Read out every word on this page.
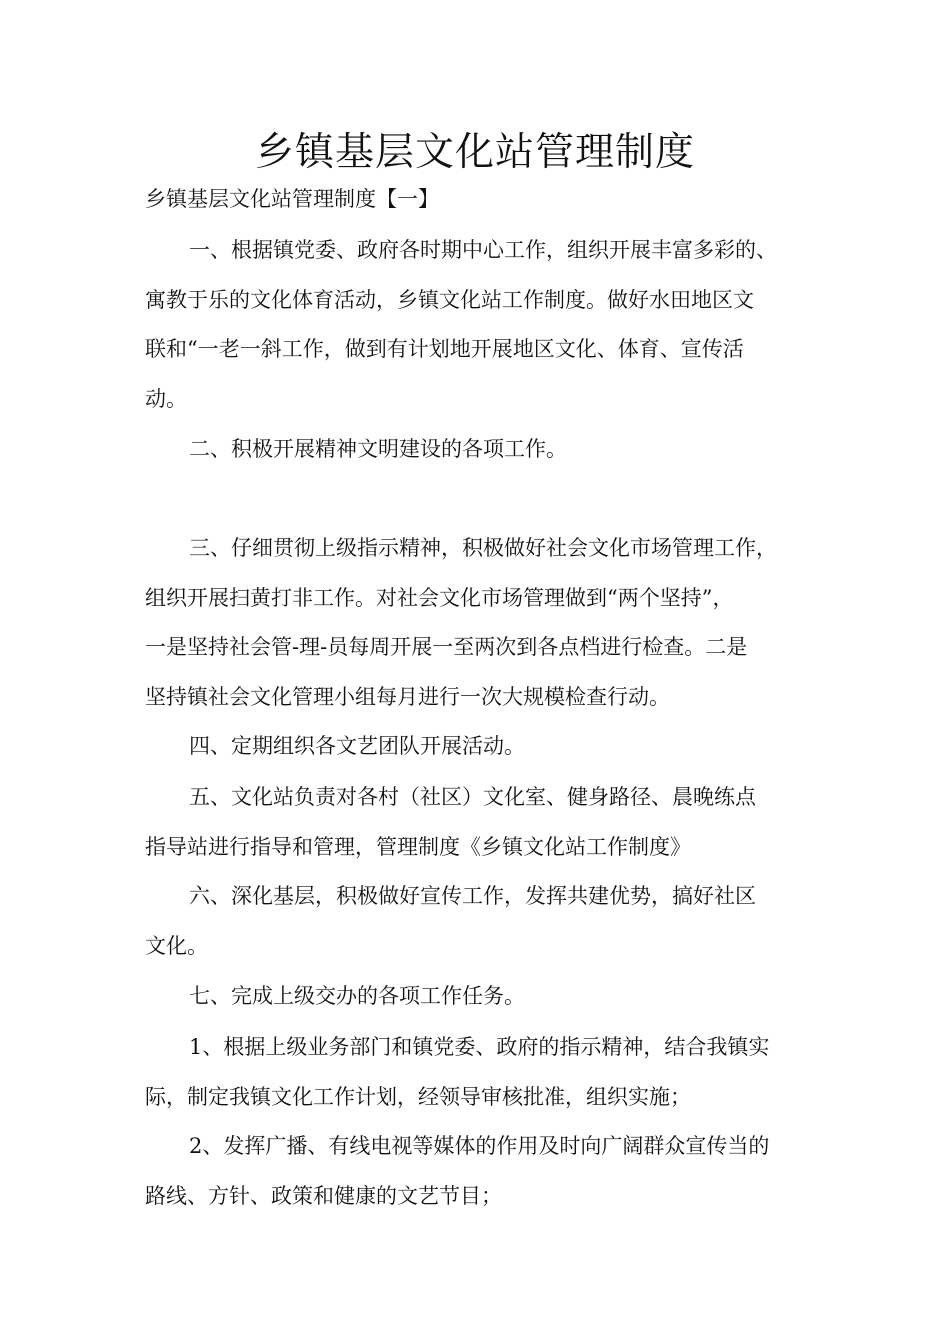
乡镇基层文化站管理制度

乡镇基层文化站管理制度【一】

一、根据镇党委、政府各时期中心工作，组织开展丰富多彩的、
寓教于乐的文化体育活动，乡镇文化站工作制度。做好水田地区文
联和“一老一斜工作，做到有计划地开展地区文化、体育、宣传活
动。

二、积极开展精神文明建设的各项工作。

三、仔细贯彻上级指示精神，积极做好社会文化市场管理工作，
组织开展扫黄打非工作。对社会文化市场管理做到“两个坚持”，
一是坚持社会管-理-员每周开展一至两次到各点档进行检查。二是
坚持镇社会文化管理小组每月进行一次大规模检查行动。

四、定期组织各文艺团队开展活动。

五、文化站负责对各村（社区）文化室、健身路径、晨晚练点
指导站进行指导和管理，管理制度《乡镇文化站工作制度》

六、深化基层，积极做好宣传工作，发挥共建优势，搞好社区
文化。

七、完成上级交办的各项工作任务。

1、根据上级业务部门和镇党委、政府的指示精神，结合我镇实
际，制定我镇文化工作计划，经领导审核批准，组织实施；

2、发挥广播、有线电视等媒体的作用及时向广阔群众宣传当的
路线、方针、政策和健康的文艺节目；
